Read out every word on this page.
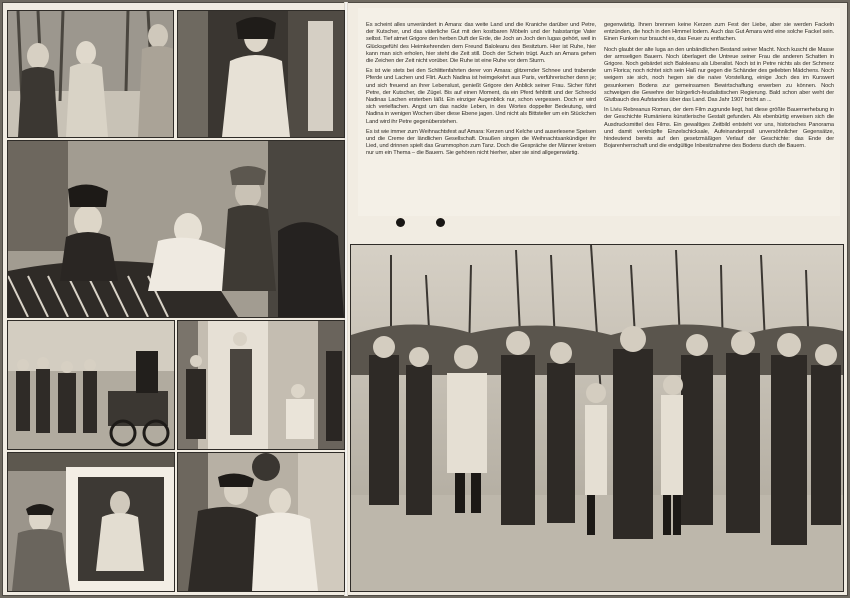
Es scheint alles unverändert in Amara: das weite Land und die Kraniche darüber und Petre, der Kutscher, und das väterliche Gut mit den kostbaren Möbeln und der halsstarrige Vater selbst. Tief atmet Grigore den herben Duft der Erde, die Joch an Joch den Iugas gehört, weil in Glücksgefühl des Heimkehrenden dem Freund Baloleanu des Besitztum. Hier ist Ruhe, hier kann man sich erholen, hier steht die Zeit still. Doch der Schein trügt. Auch an Amara gehen die Zeichen der Zeit nicht vorüber. Die Ruhe ist eine Ruhe vor dem Sturm.

Es ist wie stets bei den Schlittenfahrten derer von Amara: glitzernder Schnee und trabende Pferde und Lachen und Flirt. Auch Nadina ist heimgekehrt aus Paris, verführerischer denn je; und sich freuend an ihrer Lebenslust, genießt Grigore den Anblick seiner Frau. Sicher führt Petre, der Kutscher, die Zügel. Bis auf einen Moment, da ein Pferd fehltritt und der Schrecki Nadinas Lachen ersterben läßt. Ein einziger Augenblick nur, schon vergessen. Doch er wird sich verielfachen. Angst um das nackte Leben, in des Wortes doppelter Bedeutung, wird Nadina in wenigen Wochen über diese Ebene jagen. Und nicht als Bittsteller um ein Stückchen Land wird ihr Petre gegenüberstehen.

Es ist wie immer zum Weihnachtsfest auf Amara: Kerzen und Kelche und auserlesene Speisen und die Creme der ländlichen Gesellschaft. Draußen singen die Weihnachtsankündiger ihr Lied, und drinnen spielt das Grammophon zum Tanz. Doch die Gespräche der Männer kreisen nur um ein Thema – die Bauern. Sie gehören nicht hierher, aber sie sind allgegenwärtig.

gegenwärtig. Ihnen brennen keine Kerzen zum Fest der Liebe, aber sie werden Fackeln entzünden, die hoch in den Himmel lodern. Auch das Gut Amara wird eine solche Fackel sein. Einen Funken nur braucht es, das Feuer zu entfachen.

Noch glaubt der alte Iuga an den unbändlichen Bestand seiner Macht. Noch kuscht die Masse der armseligen Bauern. Noch überlagert die Untreue seiner Frau die anderen Schatten in Grigore. Noch gebärdet sich Baloleanu als Liberalist. Noch ist in Petre nichts als der Schmerz um Florica; noch richtet sich sein Haß nur gegen die Schänder des geliebten Mädchens. Noch weigern sie sich, noch hegen sie die naive Vorstellung, einige Joch des im Kurswert gesunkenen Bodens zur gemeinsamen Bewirtschaftung erwerben zu können. Noch schweigen die Gewehre der bürgerlich-feudalistischen Regierung. Bald schon aber weht der Glutbauch des Aufstandes über das Land. Das Jahr 1907 bricht an ...

In Liviu Rebreanus Roman, der dem Film zugrunde liegt, hat diese größte Bauernerhebung in der Geschichte Rumäniens künstlerische Gestalt gefunden. Als ebenbürtig erweisen sich die Ausdrucksmittel des Films. Ein gewaltiges Zeitbild entsteht vor uns, historisches Panorama und damit verknüpfte Einzelschicksale, Aufeinanderprall unversöhnlicher Gegensätze, hindeutend bereits auf den gesetzmäßigen Verlauf der Geschichte: das Ende der Bojarenherrschaft und die endgültige Inbesitznahme des Bodens durch die Bauern.
